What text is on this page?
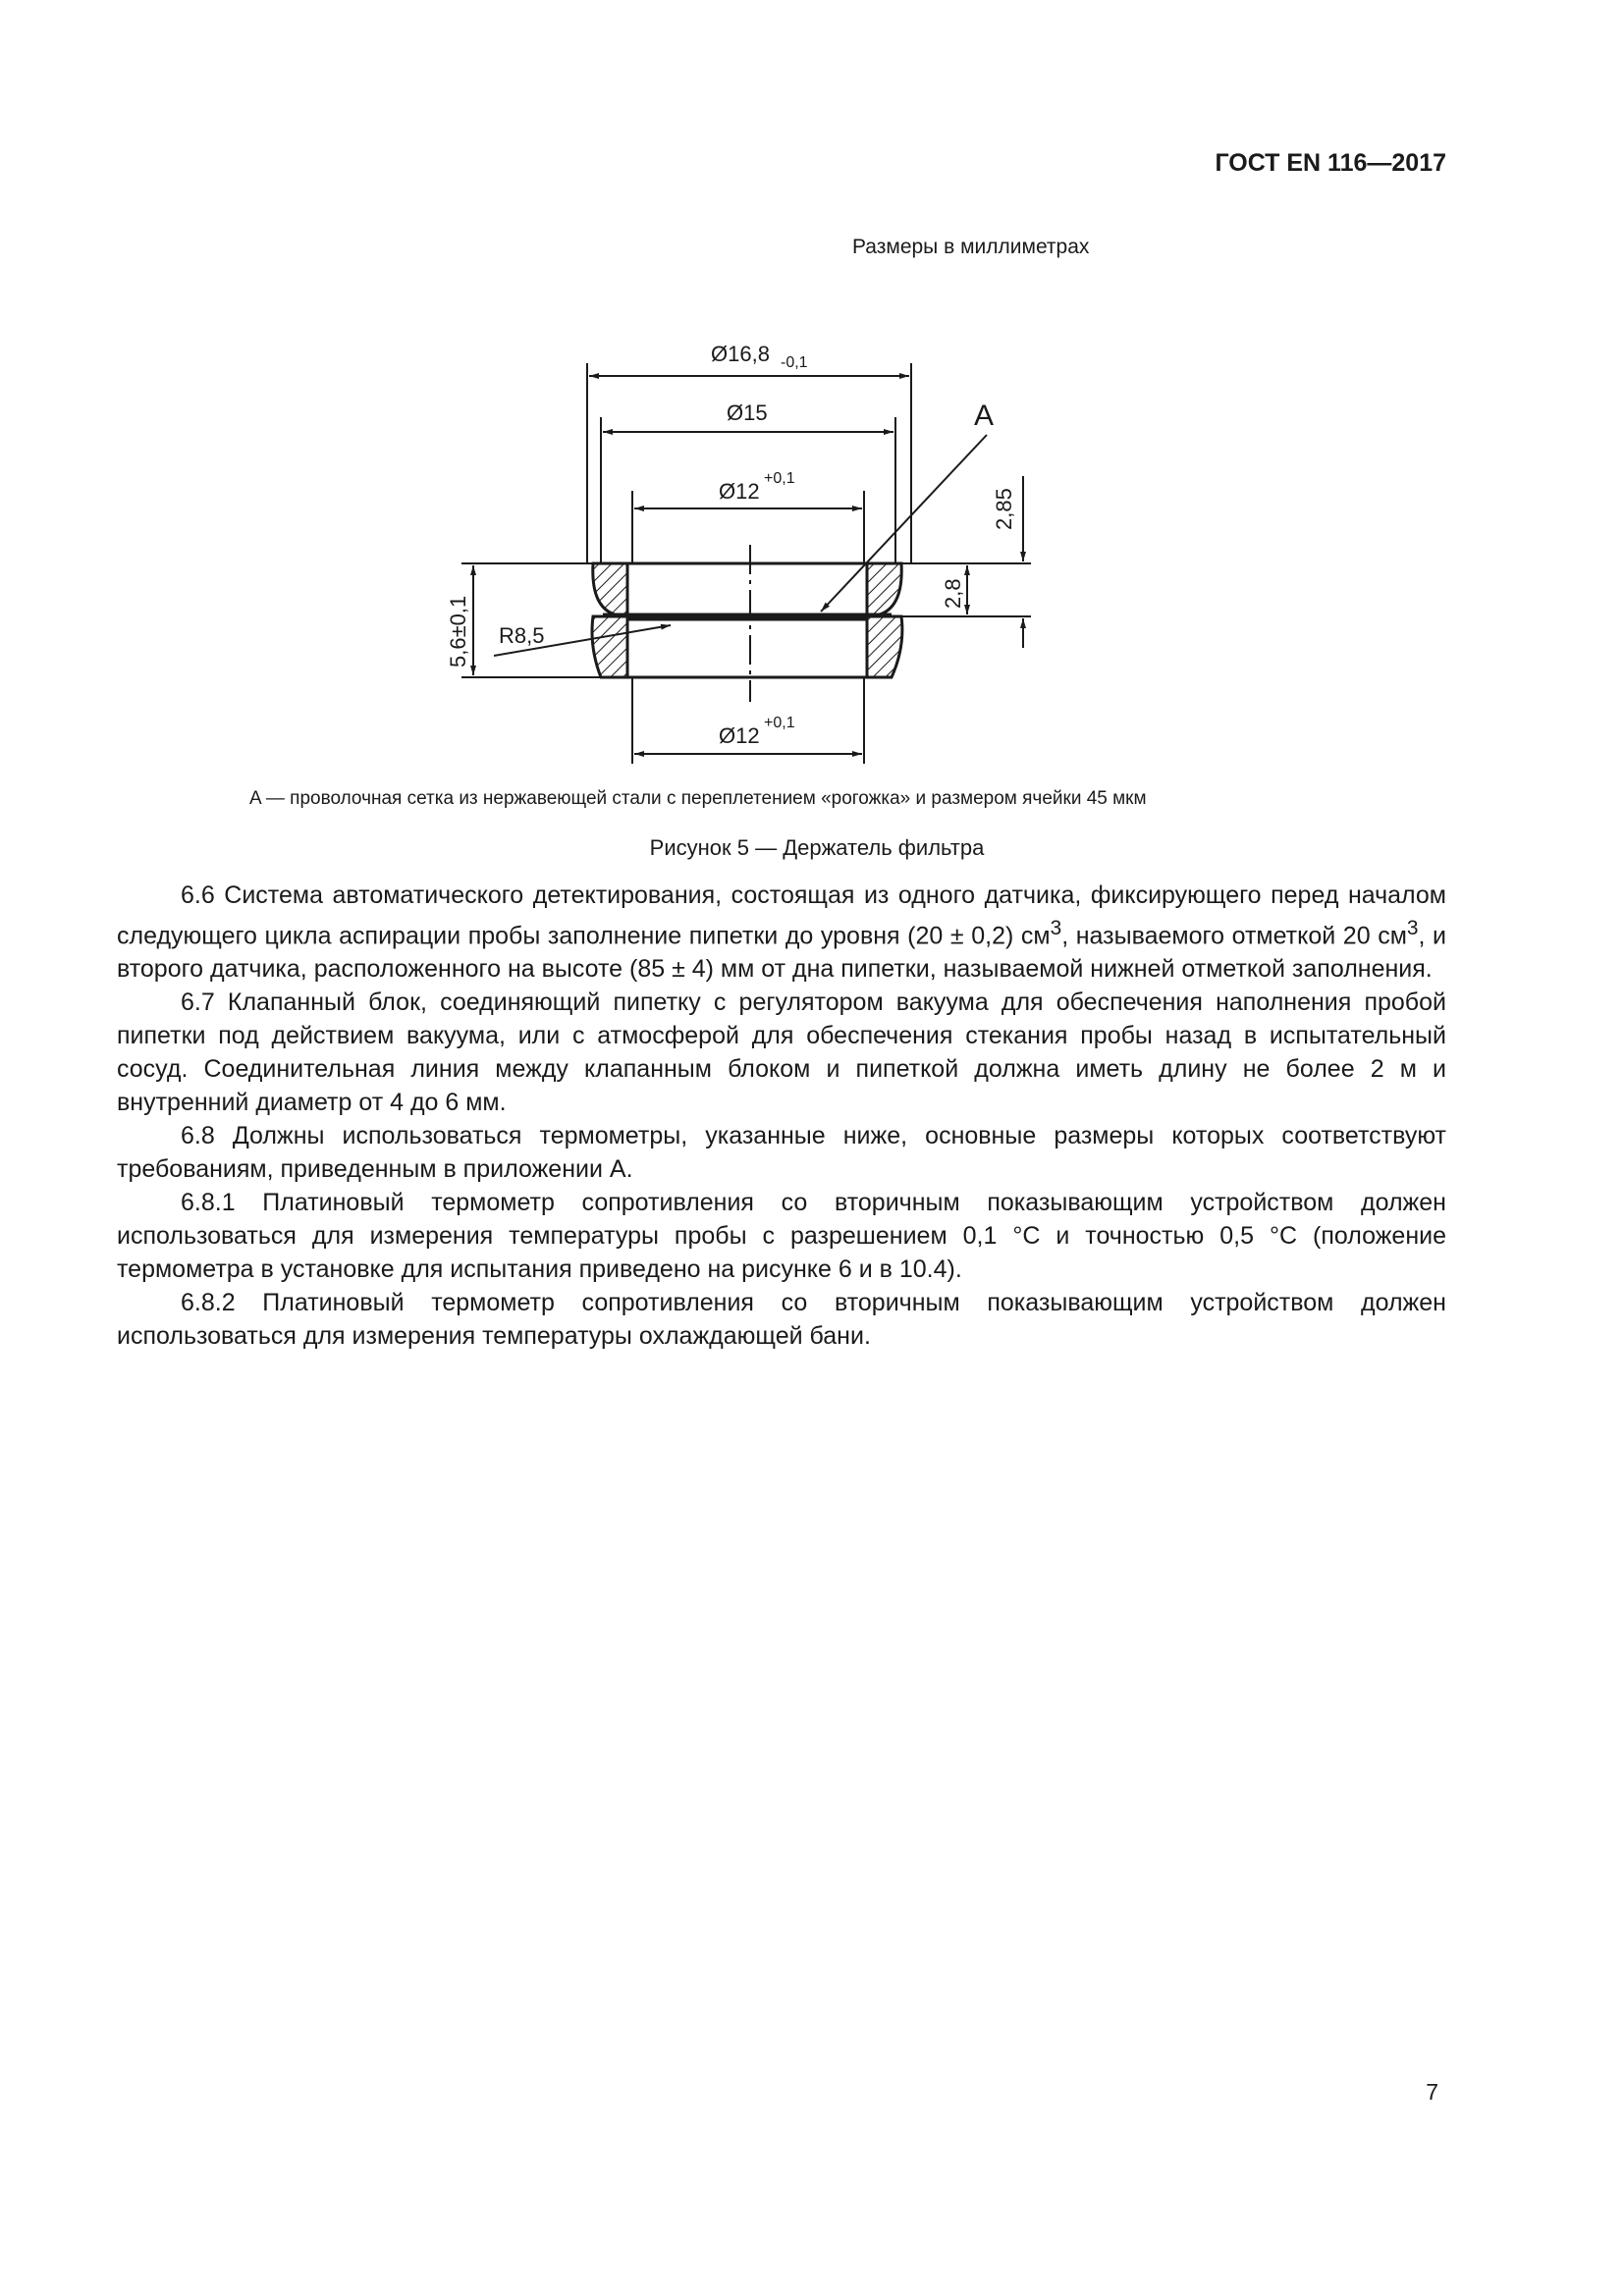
ГОСТ EN 116—2017
Размеры в миллиметрах
Ø16,8 -0,1
Ø15
Ø12
+0,1
Ø12
+0,1
R8,5
A
5,6±0,1
2,85
2,8
A — проволочная сетка из нержавеющей стали с переплетением «рогожка» и размером ячейки 45 мкм
Рисунок 5 — Держатель фильтра

6.6 Система автоматического детектирования, состоящая из одного датчика, фиксирующего перед началом следующего цикла аспирации пробы заполнение пипетки до уровня (20 ± 0,2) $см^3$, называемого отметкой 20 $см^3$, и второго датчика, расположенного на высоте (85 ± 4) мм от дна пипетки, называемой нижней отметкой заполнения.

6.7 Клапанный блок, соединяющий пипетку с регулятором вакуума для обеспечения наполнения пробой пипетки под действием вакуума, или с атмосферой для обеспечения стекания пробы назад в испытательный сосуд. Соединительная линия между клапанным блоком и пипеткой должна иметь длину не более 2 м и внутренний диаметр от 4 до 6 мм.

6.8 Должны использоваться термометры, указанные ниже, основные размеры которых соответствуют требованиям, приведенным в приложении А.

6.8.1 Платиновый термометр сопротивления со вторичным показывающим устройством должен использоваться для измерения температуры пробы с разрешением 0,1 °С и точностью 0,5 °С (положение термометра в установке для испытания приведено на рисунке 6 и в 10.4).

6.8.2 Платиновый термометр сопротивления со вторичным показывающим устройством должен использоваться для измерения температуры охлаждающей бани.

7
